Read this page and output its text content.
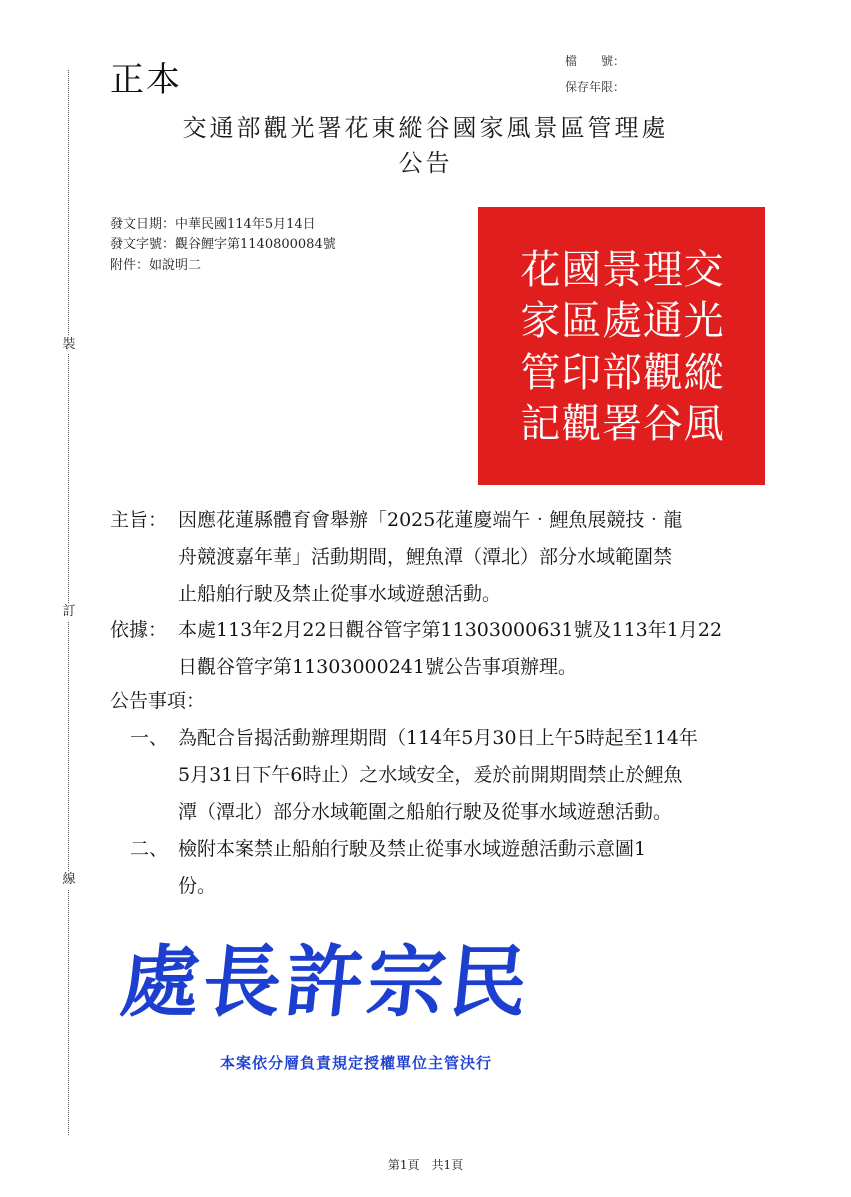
裝
訂
線
正本	檔　　號：
保存年限：
交通部觀光署花東縱谷國家風景區管理處
公告
發文日期：中華民國114年5月14日
發文字號：觀谷鯉字第1140800084號
附件：如說明二	花 國 景 理 交
家 區 處 通 光
管 印 部 觀 縱
記 觀 署 谷 風
主旨： 因應花蓮縣體育會舉辦「2025花蓮慶端午‧鯉魚展競技‧龍
舟競渡嘉年華」活動期間，鯉魚潭（潭北）部分水域範圍禁
止船舶行駛及禁止從事水域遊憩活動。
依據： 本處113年2月22日觀谷管字第11303000631號及113年1月22
日觀谷管字第11303000241號公告事項辦理。
公告事項：
一、 為配合旨揭活動辦理期間（114年5月30日上午5時起至114年
5月31日下午6時止）之水域安全，爰於前開期間禁止於鯉魚
潭（潭北）部分水域範圍之船舶行駛及從事水域遊憩活動。
二、 檢附本案禁止船舶行駛及禁止從事水域遊憩活動示意圖1
份。
處長許宗民
本案依分層負責規定授權單位主管決行
第1頁　共1頁
